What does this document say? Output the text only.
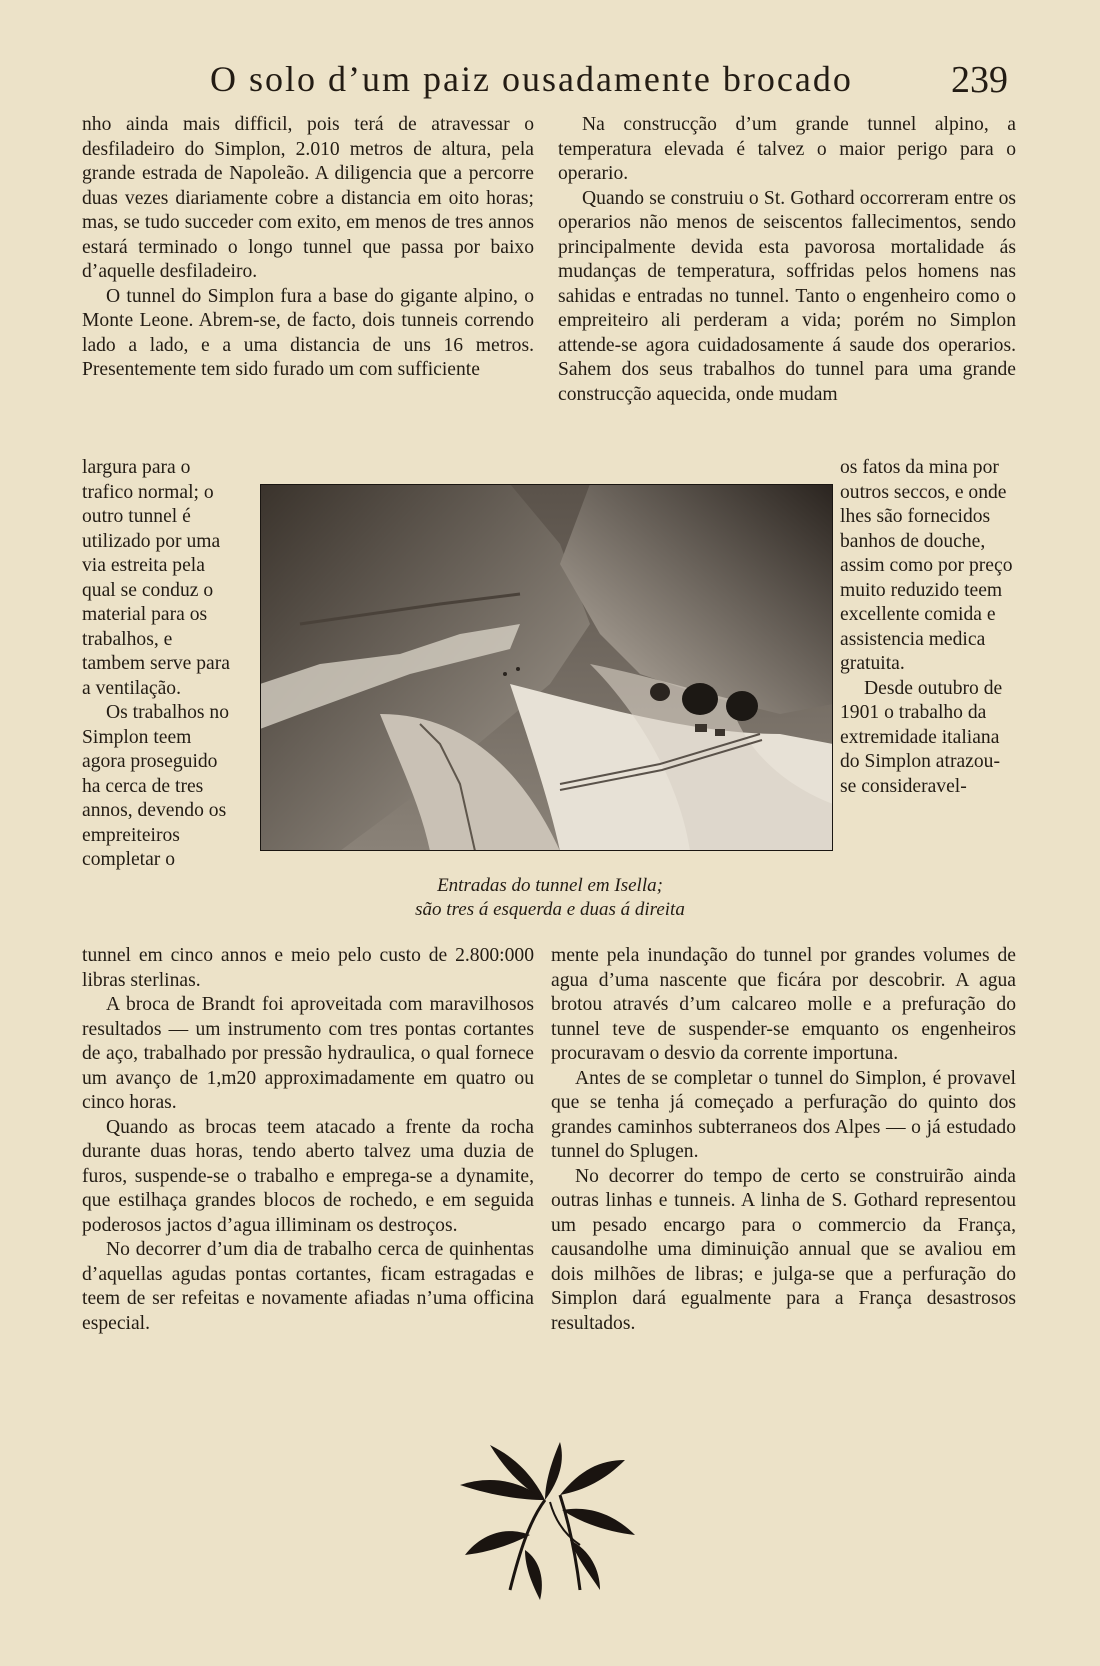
O solo d’um paiz ousadamente brocado	239

nho ainda mais difficil, pois terá de atravessar o desfiladeiro do Simplon, 2.010 metros de altura, pela grande estrada de Napoleão. A diligencia que a percorre duas vezes diariamente cobre a distancia em oito horas; mas, se tudo succeder com exito, em menos de tres annos estará terminado o longo tunnel que passa por baixo d’aquelle desfiladeiro.

O tunnel do Simplon fura a base do gigante alpino, o Monte Leone. Abrem-se, de facto, dois tunneis correndo lado a lado, e a uma distancia de uns 16 metros. Presentemente tem sido furado um com sufficiente

Na construcção d’um grande tunnel alpino, a temperatura elevada é talvez o maior perigo para o operario.

Quando se construiu o St. Gothard occorreram entre os operarios não menos de seiscentos fallecimentos, sendo principalmente devida esta pavorosa mortalidade ás mudanças de temperatura, soffridas pelos homens nas sahidas e entradas no tunnel. Tanto o engenheiro como o empreiteiro ali perderam a vida; porém no Simplon attende-se agora cuidadosamente á saude dos operarios. Sahem dos seus trabalhos do tunnel para uma grande construcção aquecida, onde mudam

largura para o trafico normal; o outro tunnel é utilizado por uma via estreita pela qual se conduz o material para os trabalhos, e tambem serve para a ventilação.

Os trabalhos no Simplon teem agora proseguido ha cerca de tres annos, devendo os empreiteiros completar o

os fatos da mina por outros seccos, e onde lhes são fornecidos banhos de douche, assim como por preço muito reduzido teem excellente comida e assistencia medica gratuita.

Desde outubro de 1901 o trabalho da extremidade italiana do Simplon atrazou-se consideravel-

Entradas do tunnel em Isella;
são tres á esquerda e duas á direita

tunnel em cinco annos e meio pelo custo de 2.800:000 libras sterlinas.

A broca de Brandt foi aproveitada com maravilhosos resultados — um instrumento com tres pontas cortantes de aço, trabalhado por pressão hydraulica, o qual fornece um avanço de 1,m20 approximadamente em quatro ou cinco horas.

Quando as brocas teem atacado a frente da rocha durante duas horas, tendo aberto talvez uma duzia de furos, suspende-se o trabalho e emprega-se a dynamite, que estilhaça grandes blocos de rochedo, e em seguida poderosos jactos d’agua illiminam os destroços.

No decorrer d’um dia de trabalho cerca de quinhentas d’aquellas agudas pontas cortantes, ficam estragadas e teem de ser refeitas e novamente afiadas n’uma officina especial.

mente pela inundação do tunnel por grandes volumes de agua d’uma nascente que ficára por descobrir. A agua brotou através d’um calcareo molle e a prefuração do tunnel teve de suspender-se emquanto os engenheiros procuravam o desvio da corrente importuna.

Antes de se completar o tunnel do Simplon, é provavel que se tenha já começado a perfuração do quinto dos grandes caminhos subterraneos dos Alpes — o já estudado tunnel do Splugen.

No decorrer do tempo de certo se construirão ainda outras linhas e tunneis. A linha de S. Gothard representou um pesado encargo para o commercio da França, causandolhe uma diminuição annual que se avaliou em dois milhões de libras; e julga-se que a perfuração do Simplon dará egualmente para a França desastrosos resultados.
